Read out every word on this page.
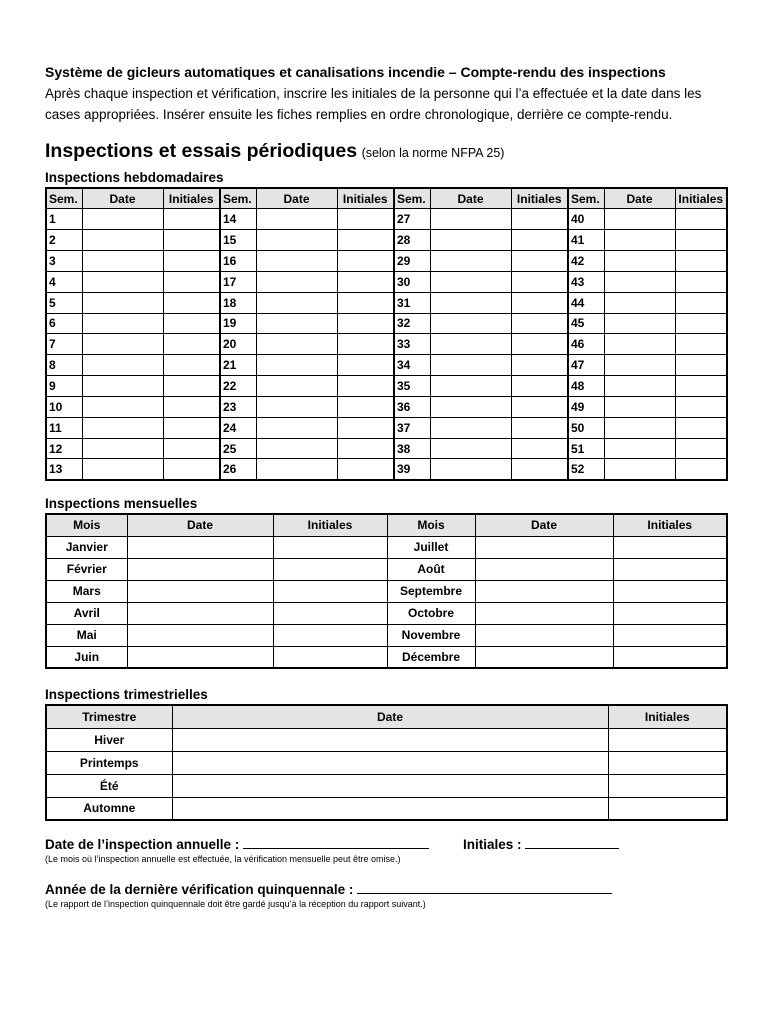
Système de gicleurs automatiques et canalisations incendie – Compte-rendu des inspections
Après chaque inspection et vérification, inscrire les initiales de la personne qui l’a effectuée et la date dans les
cases appropriées. Insérer ensuite les fiches remplies en ordre chronologique, derrière ce compte-rendu.
Inspections et essais périodiques (selon la norme NFPA 25)
Inspections hebdomadaires
Sem.	Date	Initiales	Sem.	Date	Initiales	Sem.	Date	Initiales	Sem.	Date	Initiales
1			14			27			40		
2			15			28			41		
3			16			29			42		
4			17			30			43		
5			18			31			44		
6			19			32			45		
7			20			33			46		
8			21			34			47		
9			22			35			48		
10			23			36			49		
11			24			37			50		
12			25			38			51		
13			26			39			52		
Inspections mensuelles
Mois	Date	Initiales	Mois	Date	Initiales
Janvier			Juillet		
Février			Août		
Mars			Septembre		
Avril			Octobre		
Mai			Novembre		
Juin			Décembre		
Inspections trimestrielles
Trimestre	Date	Initiales
Hiver		
Printemps		
Été		
Automne		
Date de l’inspection annuelle :	Initiales :
(Le mois où l’inspection annuelle est effectuée, la vérification mensuelle peut être omise.)
Année de la dernière vérification quinquennale :
(Le rapport de l’inspection quinquennale doit être gardé jusqu’à la réception du rapport suivant.)
